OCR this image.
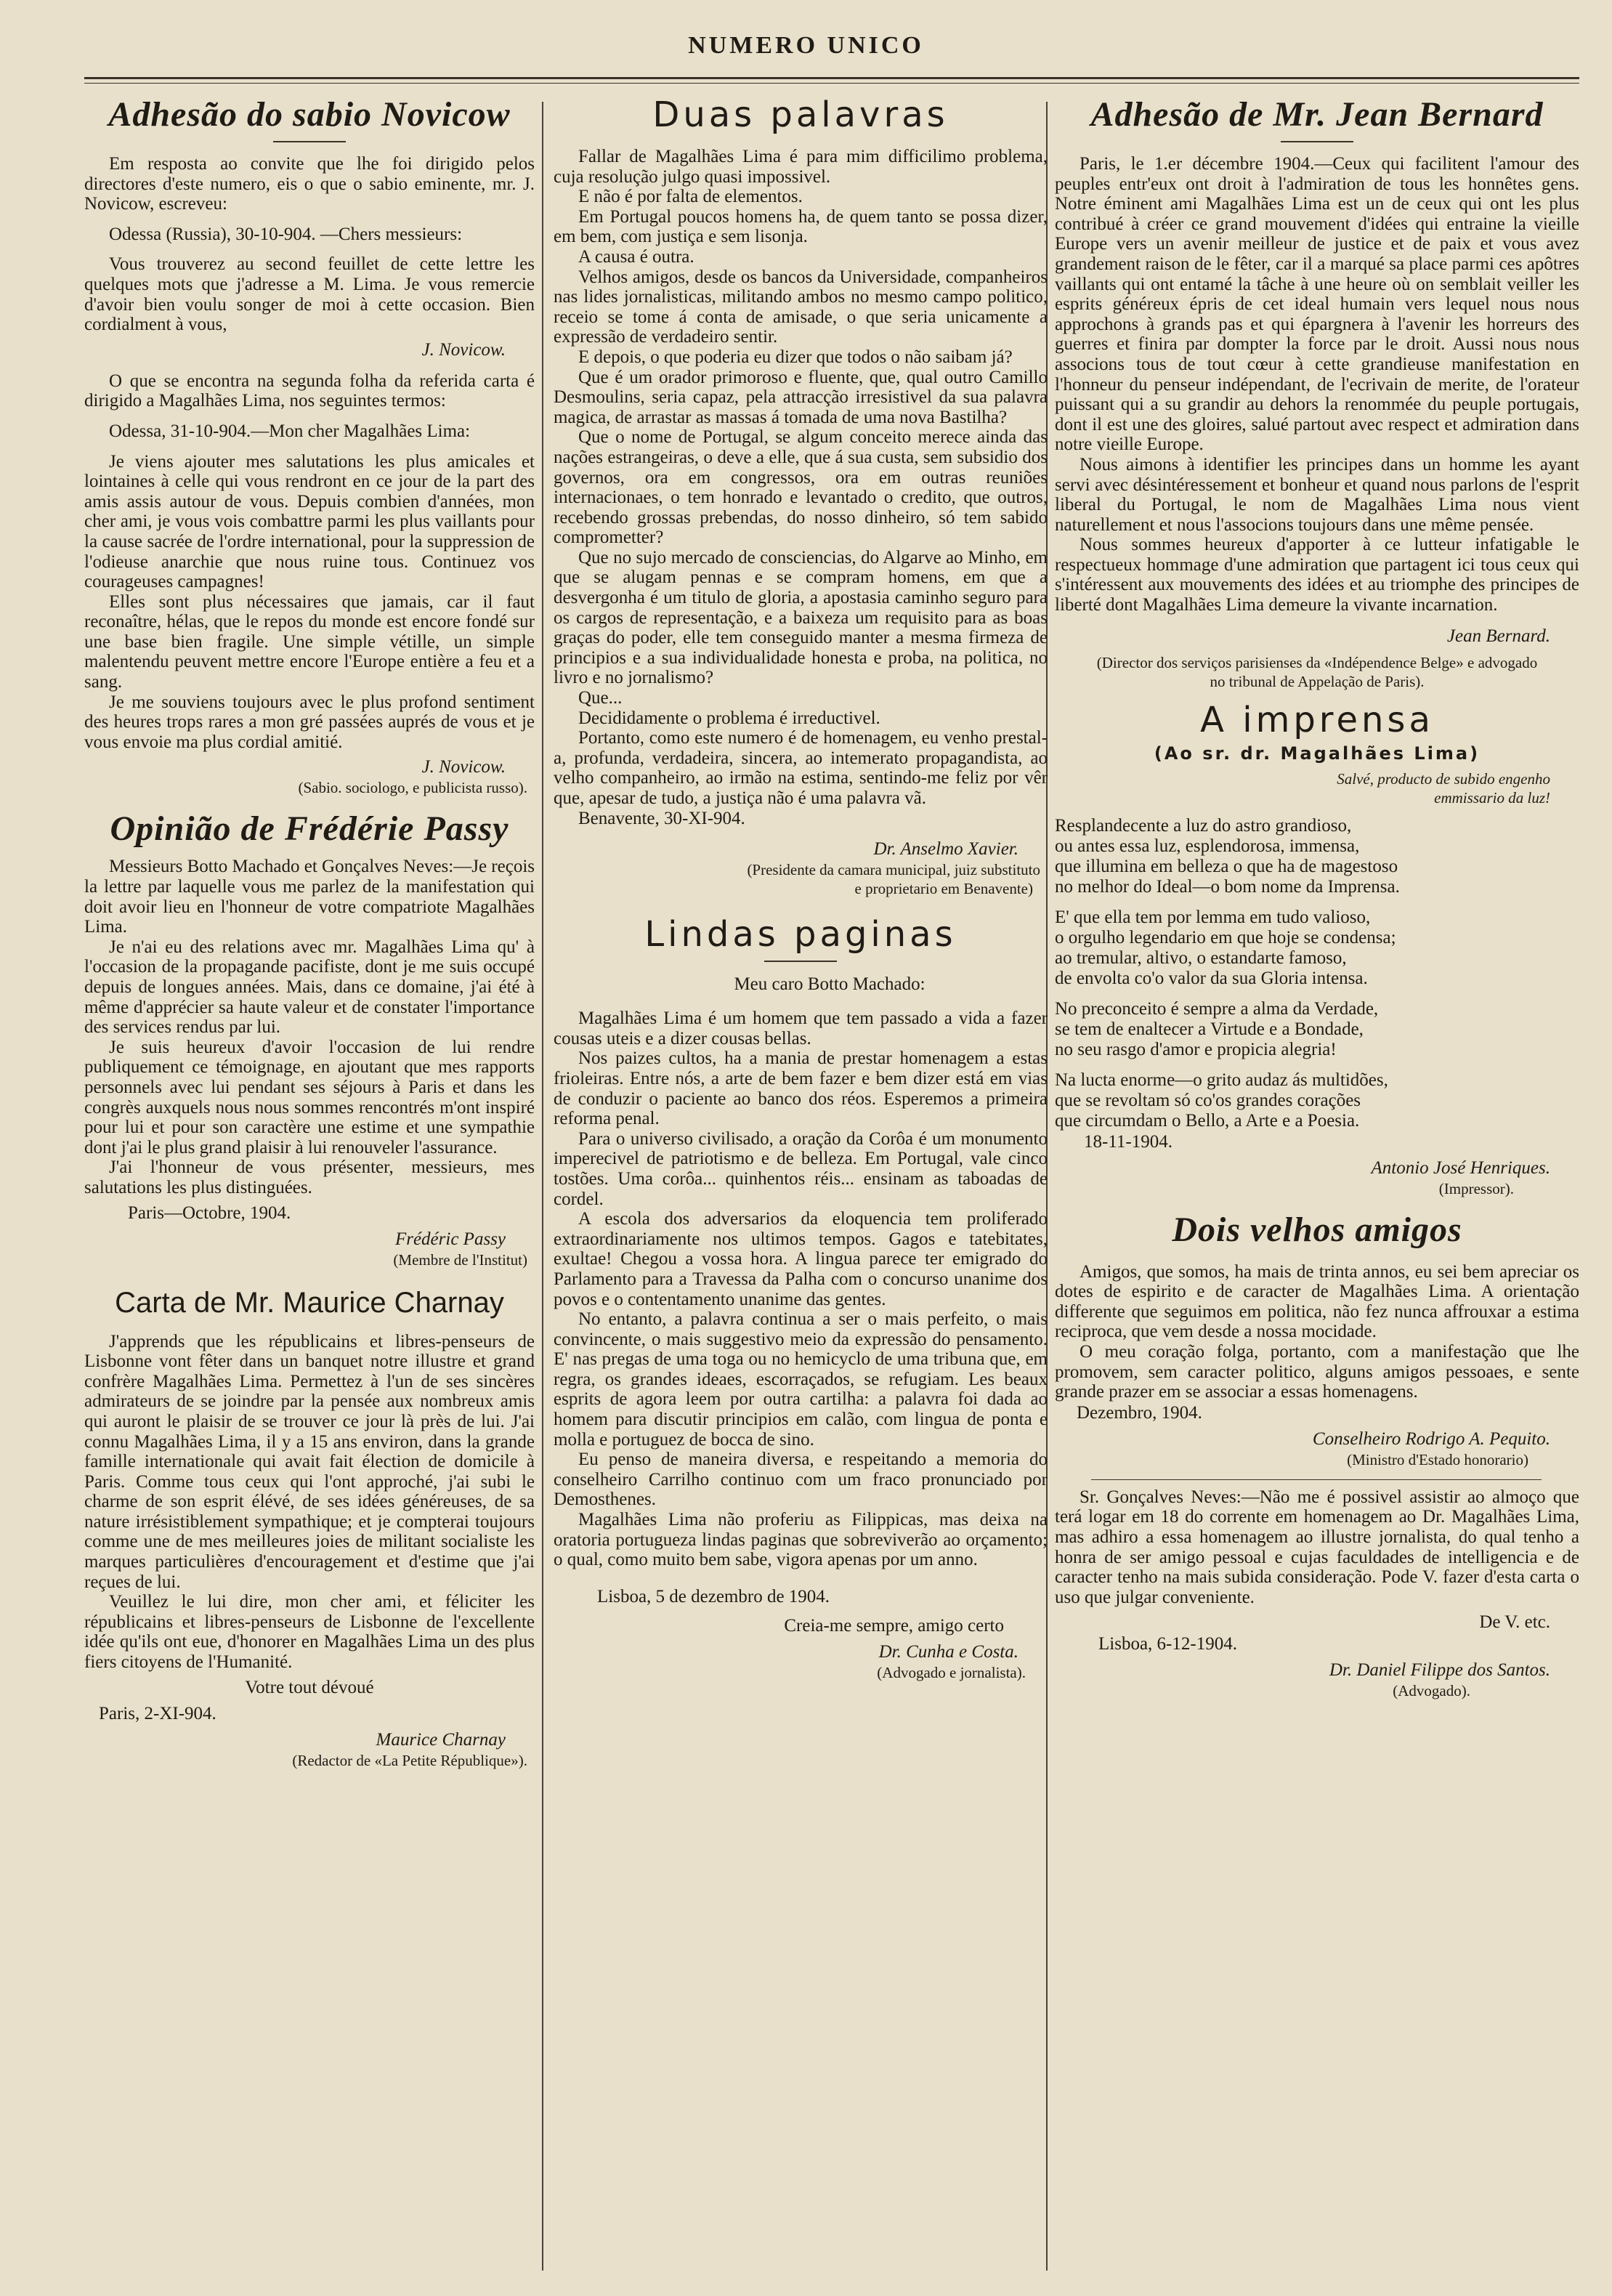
NUMERO UNICO
Adhesão do sabio Novicow

Em resposta ao convite que lhe foi dirigido pelos directores d'este numero, eis o que o sabio eminente, mr. J. Novicow, escreveu:

Odessa (Russia), 30-10-904. —Chers messieurs:

Vous trouverez au second feuillet de cette lettre les quelques mots que j'adresse a M. Lima. Je vous remercie d'avoir bien voulu songer de moi à cette occasion. Bien cordialment à vous,

J. Novicow.

O que se encontra na segunda folha da referida carta é dirigido a Magalhães Lima, nos seguintes termos:

Odessa, 31-10-904.—Mon cher Magalhães Lima:

Je viens ajouter mes salutations les plus amicales et lointaines à celle qui vous rendront en ce jour de la part des amis assis autour de vous. Depuis combien d'années, mon cher ami, je vous vois combattre parmi les plus vaillants pour la cause sacrée de l'ordre international, pour la suppression de l'odieuse anarchie que nous ruine tous. Continuez vos courageuses campagnes!

Elles sont plus nécessaires que jamais, car il faut reconaître, hélas, que le repos du monde est encore fondé sur une base bien fragile. Une simple vétille, un simple malentendu peuvent mettre encore l'Europe entière a feu et a sang.

Je me souviens toujours avec le plus profond sentiment des heures trops rares a mon gré passées auprés de vous et je vous envoie ma plus cordial amitié.

J. Novicow.
(Sabio. sociologo, e publicista russo).
Opinião de Frédérie Passy

Messieurs Botto Machado et Gonçalves Neves:—Je reçois la lettre par laquelle vous me parlez de la manifestation qui doit avoir lieu en l'honneur de votre compatriote Magalhães Lima.

Je n'ai eu des relations avec mr. Magalhães Lima qu' à l'occasion de la propagande pacifiste, dont je me suis occupé depuis de longues années. Mais, dans ce domaine, j'ai été à même d'apprécier sa haute valeur et de constater l'importance des services rendus par lui.

Je suis heureux d'avoir l'occasion de lui rendre publiquement ce témoignage, en ajoutant que mes rapports personnels avec lui pendant ses séjours à Paris et dans les congrès auxquels nous nous sommes rencontrés m'ont inspiré pour lui et pour son caractère une estime et une sympathie dont j'ai le plus grand plaisir à lui renouveler l'assurance.

J'ai l'honneur de vous présenter, messieurs, mes salutations les plus distinguées.

Paris—Octobre, 1904.
Frédéric Passy
(Membre de l'Institut)
Carta de Mr. Maurice Charnay

J'apprends que les républicains et libres-penseurs de Lisbonne vont fêter dans un banquet notre illustre et grand confrère Magalhães Lima. Permettez à l'un de ses sincères admirateurs de se joindre par la pensée aux nombreux amis qui auront le plaisir de se trouver ce jour là près de lui. J'ai connu Magalhães Lima, il y a 15 ans environ, dans la grande famille internationale qui avait fait élection de domicile à Paris. Comme tous ceux qui l'ont approché, j'ai subi le charme de son esprit élévé, de ses idées généreuses, de sa nature irrésistiblement sympathique; et je compterai toujours comme une de mes meilleures joies de militant socialiste les marques particulières d'encouragement et d'estime que j'ai reçues de lui.

Veuillez le lui dire, mon cher ami, et féliciter les républicains et libres-penseurs de Lisbonne de l'excellente idée qu'ils ont eue, d'honorer en Magalhães Lima un des plus fiers citoyens de l'Humanité.

Votre tout dévoué
Paris, 2-XI-904.
Maurice Charnay
(Redactor de «La Petite République»).
Duas palavras

Fallar de Magalhães Lima é para mim difficilimo problema, cuja resolução julgo quasi impossivel.

E não é por falta de elementos.

Em Portugal poucos homens ha, de quem tanto se possa dizer, em bem, com justiça e sem lisonja.

A causa é outra.

Velhos amigos, desde os bancos da Universidade, companheiros nas lides jornalisticas, militando ambos no mesmo campo politico, receio se tome á conta de amisade, o que seria unicamente a expressão de verdadeiro sentir.

E depois, o que poderia eu dizer que todos o não saibam já?

Que é um orador primoroso e fluente, que, qual outro Camillo Desmoulins, seria capaz, pela attracção irresistivel da sua palavra magica, de arrastar as massas á tomada de uma nova Bastilha?

Que o nome de Portugal, se algum conceito merece ainda das nações estrangeiras, o deve a elle, que á sua custa, sem subsidio dos governos, ora em congressos, ora em outras reuniões internacionaes, o tem honrado e levantado o credito, que outros, recebendo grossas prebendas, do nosso dinheiro, só tem sabido comprometter?

Que no sujo mercado de consciencias, do Algarve ao Minho, em que se alugam pennas e se compram homens, em que a desvergonha é um titulo de gloria, a apostasia caminho seguro para os cargos de representação, e a baixeza um requisito para as boas graças do poder, elle tem conseguido manter a mesma firmeza de principios e a sua individualidade honesta e proba, na politica, no livro e no jornalismo?

Que...

Decididamente o problema é irreductivel.

Portanto, como este numero é de homenagem, eu venho prestal-a, profunda, verdadeira, sincera, ao intemerato propagandista, ao velho companheiro, ao irmão na estima, sentindo-me feliz por vêr que, apesar de tudo, a justiça não é uma palavra vã.

Benavente, 30-XI-904.

Dr. Anselmo Xavier.
(Presidente da camara municipal, juiz substituto
e proprietario em Benavente)
Lindas paginas
Meu caro Botto Machado:

Magalhães Lima é um homem que tem passado a vida a fazer cousas uteis e a dizer cousas bellas.

Nos paizes cultos, ha a mania de prestar homenagem a estas frioleiras. Entre nós, a arte de bem fazer e bem dizer está em vias de conduzir o paciente ao banco dos réos. Esperemos a primeira reforma penal.

Para o universo civilisado, a oração da Corôa é um monumento imperecivel de patriotismo e de belleza. Em Portugal, vale cinco tostões. Uma corôa... quinhentos réis... ensinam as taboadas de cordel.

A escola dos adversarios da eloquencia tem proliferado extraordinariamente nos ultimos tempos. Gagos e tatebitates, exultae! Chegou a vossa hora. A lingua parece ter emigrado do Parlamento para a Travessa da Palha com o concurso unanime dos povos e o contentamento unanime das gentes.

No entanto, a palavra continua a ser o mais perfeito, o mais convincente, o mais suggestivo meio da expressão do pensamento. E' nas pregas de uma toga ou no hemicyclo de uma tribuna que, em regra, os grandes ideaes, escorraçados, se refugiam. Les beaux esprits de agora leem por outra cartilha: a palavra foi dada ao homem para discutir principios em calão, com lingua de ponta e molla e portuguez de bocca de sino.

Eu penso de maneira diversa, e respeitando a memoria do conselheiro Carrilho continuo com um fraco pronunciado por Demosthenes.

Magalhães Lima não proferiu as Filippicas, mas deixa na oratoria portugueza lindas paginas que sobreviverão ao orçamento; o qual, como muito bem sabe, vigora apenas por um anno.

Lisboa, 5 de dezembro de 1904.
Creia-me sempre, amigo certo
Dr. Cunha e Costa.
(Advogado e jornalista).
Adhesão de Mr. Jean Bernard

Paris, le 1.er décembre 1904.—Ceux qui facilitent l'amour des peuples entr'eux ont droit à l'admiration de tous les honnêtes gens. Notre éminent ami Magalhães Lima est un de ceux qui ont les plus contribué à créer ce grand mouvement d'idées qui entraine la vieille Europe vers un avenir meilleur de justice et de paix et vous avez grandement raison de le fêter, car il a marqué sa place parmi ces apôtres vaillants qui ont entamé la tâche à une heure où on semblait veiller les esprits généreux épris de cet ideal humain vers lequel nous nous approchons à grands pas et qui épargnera à l'avenir les horreurs des guerres et finira par dompter la force par le droit. Aussi nous nous associons tous de tout cœur à cette grandieuse manifestation en l'honneur du penseur indépendant, de l'ecrivain de merite, de l'orateur puissant qui a su grandir au dehors la renommée du peuple portugais, dont il est une des gloires, salué partout avec respect et admiration dans notre vieille Europe.

Nous aimons à identifier les principes dans un homme les ayant servi avec désintéressement et bonheur et quand nous parlons de l'esprit liberal du Portugal, le nom de Magalhães Lima nous vient naturellement et nous l'associons toujours dans une même pensée.

Nous sommes heureux d'apporter à ce lutteur infatigable le respectueux hommage d'une admiration que partagent ici tous ceux qui s'intéressent aux mouvements des idées et au triomphe des principes de liberté dont Magalhães Lima demeure la vivante incarnation.

Jean Bernard.
(Director dos serviços parisienses da «Indépendence Belge» e advogado
no tribunal de Appelação de Paris).
A imprensa
(Ao sr. dr. Magalhães Lima)
Salvé, producto de subido engenho
emmissario da luz!
Resplandecente a luz do astro grandioso,
ou antes essa luz, esplendorosa, immensa,
que illumina em belleza o que ha de magestoso
no melhor do Ideal—o bom nome da Imprensa.
E' que ella tem por lemma em tudo valioso,
o orgulho legendario em que hoje se condensa;
ao tremular, altivo, o estandarte famoso,
de envolta co'o valor da sua Gloria intensa.
No preconceito é sempre a alma da Verdade,
se tem de enaltecer a Virtude e a Bondade,
no seu rasgo d'amor e propicia alegria!
Na lucta enorme—o grito audaz ás multidões,
que se revoltam só co'os grandes corações
que circumdam o Bello, a Arte e a Poesia.
18-11-1904.
Antonio José Henriques.
(Impressor).
Dois velhos amigos

Amigos, que somos, ha mais de trinta annos, eu sei bem apreciar os dotes de espirito e de caracter de Magalhães Lima. A orientação differente que seguimos em politica, não fez nunca affrouxar a estima reciproca, que vem desde a nossa mocidade.

O meu coração folga, portanto, com a manifestação que lhe promovem, sem caracter politico, alguns amigos pessoaes, e sente grande prazer em se associar a essas homenagens.

Dezembro, 1904.
Conselheiro Rodrigo A. Pequito.
(Ministro d'Estado honorario)

Sr. Gonçalves Neves:—Não me é possivel assistir ao almoço que terá logar em 18 do corrente em homenagem ao Dr. Magalhães Lima, mas adhiro a essa homenagem ao illustre jornalista, do qual tenho a honra de ser amigo pessoal e cujas faculdades de intelligencia e de caracter tenho na mais subida consideração. Pode V. fazer d'esta carta o uso que julgar conveniente.

De V. etc.
Lisboa, 6-12-1904.
Dr. Daniel Filippe dos Santos.
(Advogado).
